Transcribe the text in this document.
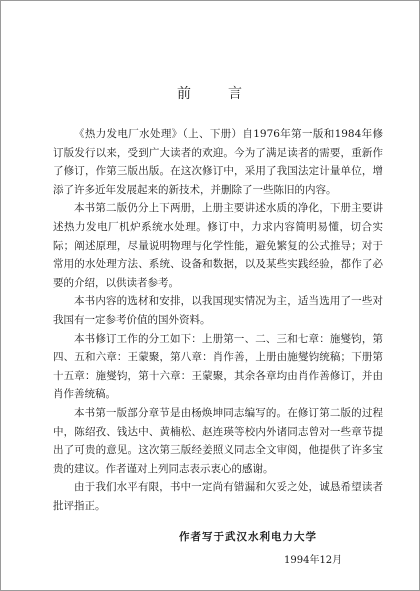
前	言

《热力发电厂水处理》（上、下册）自1976年第一版和1984年修订版发行以来，受到广大读者的欢迎。今为了满足读者的需要，重新作了修订，作第三版出版。在这次修订中，采用了我国法定计量单位，增添了许多近年发展起来的新技术，并删除了一些陈旧的内容。

本书第二版仍分上下两册，上册主要讲述水质的净化，下册主要讲述热力发电厂机炉系统水处理。修订中，力求内容简明易懂，切合实际；阐述原理，尽量说明物理与化学性能，避免繁复的公式推导；对于常用的水处理方法、系统、设备和数据，以及某些实践经验，都作了必要的介绍，以供读者参考。

本书内容的选材和安排，以我国现实情况为主，适当选用了一些对我国有一定参考价值的国外资料。

本书修订工作的分工如下：上册第一、二、三和七章：施燮钧，第四、五和六章：王蒙聚，第八章：肖作善，上册由施燮钧统稿；下册第十五章：施燮钧，第十六章：王蒙聚，其余各章均由肖作善修订，并由肖作善统稿。

本书第一版部分章节是由杨焕坤同志编写的。在修订第二版的过程中，陈绍孜、钱达中、黄楠松、赵连瑛等校内外诸同志曾对一些章节提出了可贵的意见。这次第三版经姜照义同志全文审阅，他提供了许多宝贵的建议。作者谨对上列同志表示衷心的感谢。

由于我们水平有限，书中一定尚有错漏和欠妥之处，诚恳希望读者批评指正。

作者写于武汉水利电力大学
1994年12月
